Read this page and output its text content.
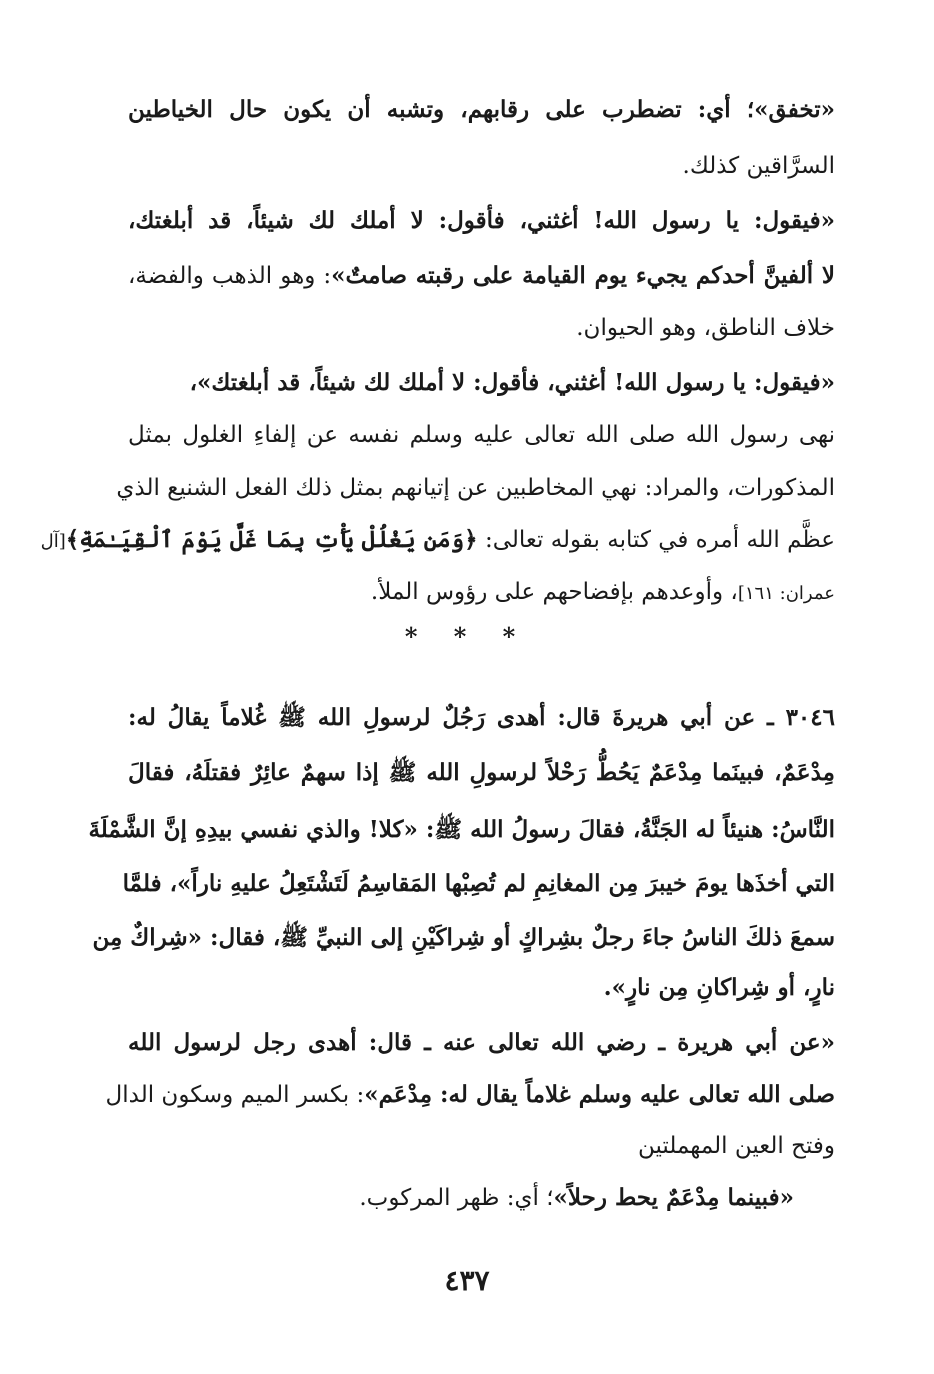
«تخفق»؛ أي: تضطرب على رقابهم، وتشبه أن يكون حال الخياطين
السرَّاقين كذلك.
«فيقول: يا رسول الله! أغثني، فأقول: لا أملك لك شيئاً، قد أبلغتك،
لا ألفينَّ أحدكم يجيء يوم القيامة على رقبته صامتٌ»: وهو الذهب والفضة،
خلاف الناطق، وهو الحيوان.
«فيقول: يا رسول الله! أغثني، فأقول: لا أملك لك شيئاً، قد أبلغتك»،
نهى رسول الله صلى الله تعالى عليه وسلم نفسه عن إلفاءِ الغلول بمثل
المذكورات، والمراد: نهي المخاطبين عن إتيانهم بمثل ذلك الفعل الشنيع الذي
عظَّم الله أمره في كتابه بقوله تعالى: ﴿وَمَن يَغْلُلْ يَأْتِ بِمَا غَلَّ يَوْمَ ٱلْقِيَـٰمَةِ﴾[آل
عمران: ١٦١]، وأوعدهم بإفضاحهم على رؤوس الملأ.
* * *
٣٠٤٦ ـ عن أبي هريرةَ قال: أهدى رَجُلٌ لرسولِ الله ﷺ غُلاماً يقالُ له:
مِدْعَمٌ، فبينَما مِدْعَمٌ يَحُطُّ رَحْلاً لرسولِ الله ﷺ إذا سهمٌ عائِرٌ فقتلَهُ، فقالَ
النَّاسُ: هنيئاً له الجَنَّةُ، فقالَ رسولُ الله ﷺ: «كلا! والذي نفسي بيدِهِ إنَّ الشَّمْلَةَ
التي أخذَها يومَ خيبرَ مِن المغانِمِ لم تُصِبْها المَقاسِمُ لَتَشْتَعِلُ عليهِ ناراً»، فلمَّا
سمعَ ذلكَ الناسُ جاءَ رجلٌ بشِراكٍ أو شِراكَيْنِ إلى النبيِّ ﷺ، فقال: «شِراكٌ مِن
نارٍ، أو شِراكانِ مِن نارٍ».
«عن أبي هريرة ـ رضي الله تعالى عنه ـ قال: أهدى رجل لرسول الله
صلى الله تعالى عليه وسلم غلاماً يقال له: مِدْعَم»: بكسر الميم وسكون الدال
وفتح العين المهملتين
«فبينما مِدْعَمٌ يحط رحلاً»؛ أي: ظهر المركوب.
٤٣٧
